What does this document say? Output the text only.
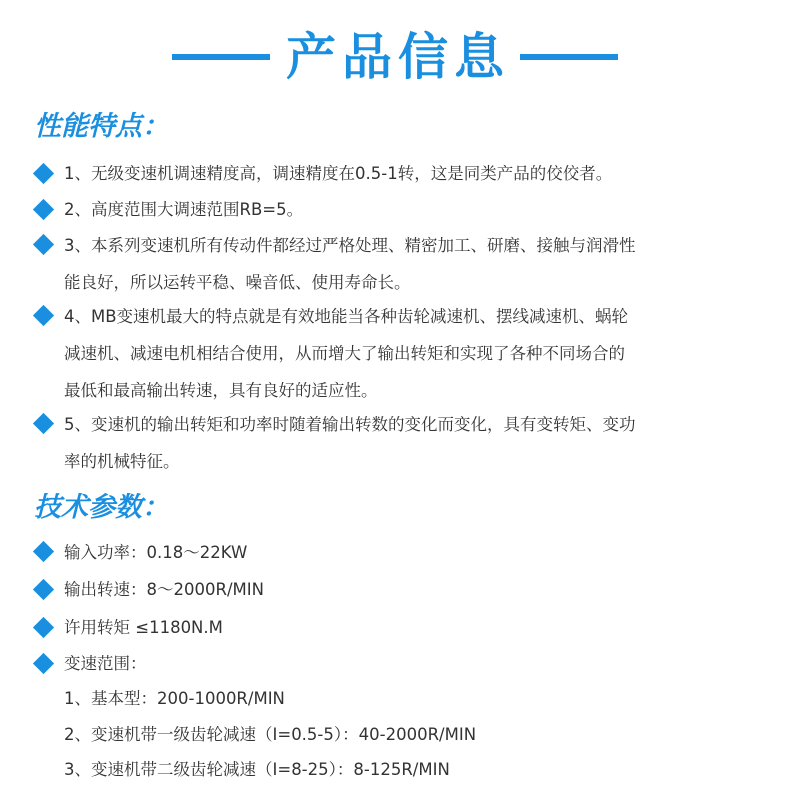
产品信息
性能特点：
1、无级变速机调速精度高，调速精度在0.5-1转，这是同类产品的佼佼者。
2、高度范围大调速范围RB=5。
3、本系列变速机所有传动件都经过严格处理、精密加工、研磨、接触与润滑性
能良好，所以运转平稳、噪音低、使用寿命长。
4、MB变速机最大的特点就是有效地能当各种齿轮减速机、摆线减速机、蜗轮
减速机、减速电机相结合使用，从而增大了输出转矩和实现了各种不同场合的
最低和最高输出转速，具有良好的适应性。
5、变速机的输出转矩和功率时随着输出转数的变化而变化，具有变转矩、变功
率的机械特征。
技术参数：
输入功率：0.18～22KW
输出转速：8～2000R/MIN
许用转矩 ≤1180N.M
变速范围：
1、基本型：200-1000R/MIN
2、变速机带一级齿轮减速（I=0.5-5）：40-2000R/MIN
3、变速机带二级齿轮减速（I=8-25）：8-125R/MIN
